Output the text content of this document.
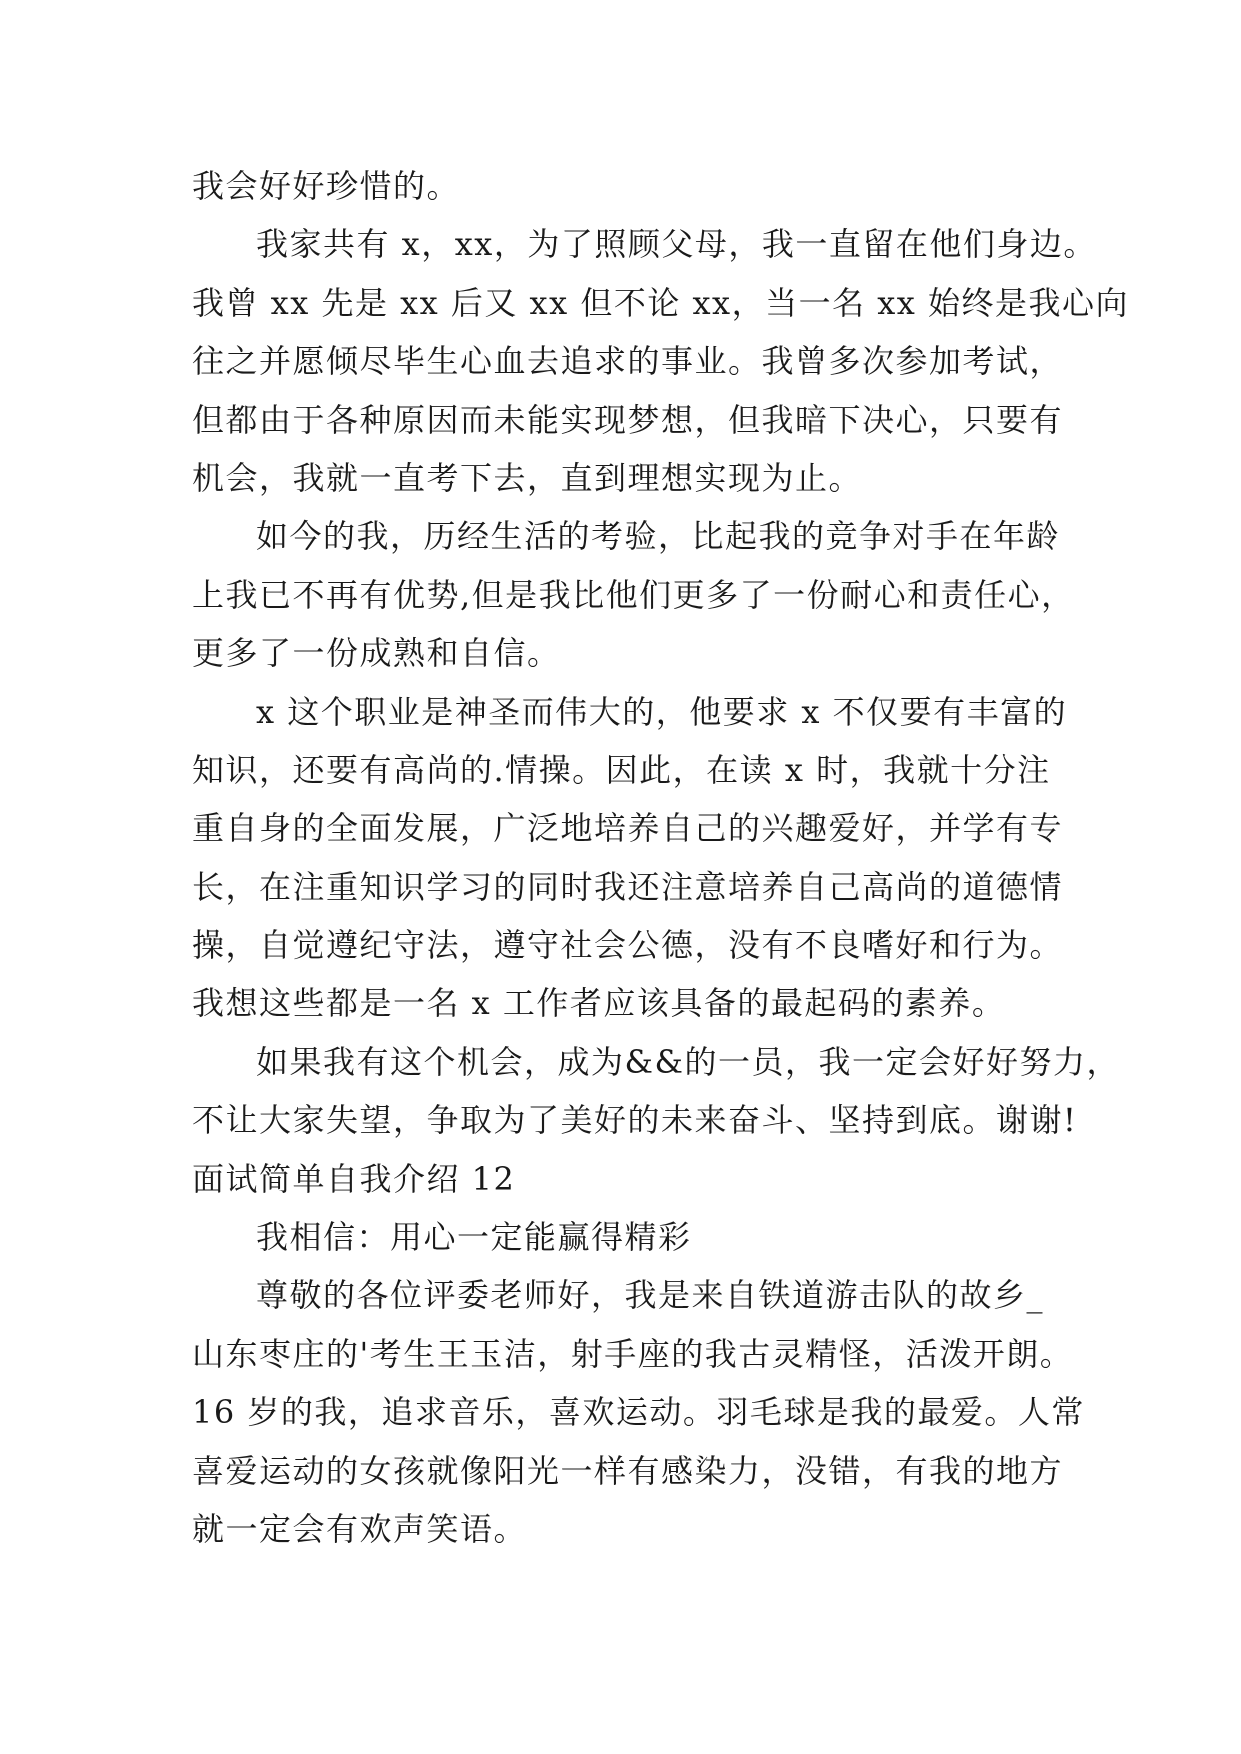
我会好好珍惜的。
我家共有 x，xx，为了照顾父母，我一直留在他们身边。
我曾 xx 先是 xx 后又 xx 但不论 xx，当一名 xx 始终是我心向
往之并愿倾尽毕生心血去追求的事业。我曾多次参加考试，
但都由于各种原因而未能实现梦想，但我暗下决心，只要有
机会，我就一直考下去，直到理想实现为止。
如今的我，历经生活的考验，比起我的竞争对手在年龄
上我已不再有优势,但是我比他们更多了一份耐心和责任心，
更多了一份成熟和自信。
x 这个职业是神圣而伟大的，他要求 x 不仅要有丰富的
知识，还要有高尚的.情操。因此，在读 x 时，我就十分注
重自身的全面发展，广泛地培养自己的兴趣爱好，并学有专
长，在注重知识学习的同时我还注意培养自己高尚的道德情
操，自觉遵纪守法，遵守社会公德，没有不良嗜好和行为。
我想这些都是一名 x 工作者应该具备的最起码的素养。
如果我有这个机会，成为&&的一员，我一定会好好努力，
不让大家失望，争取为了美好的未来奋斗、坚持到底。谢谢!
面试简单自我介绍 12
我相信：用心一定能赢得精彩
尊敬的各位评委老师好，我是来自铁道游击队的故乡_
山东枣庄的'考生王玉洁，射手座的我古灵精怪，活泼开朗。
16 岁的我，追求音乐，喜欢运动。羽毛球是我的最爱。人常
喜爱运动的女孩就像阳光一样有感染力，没错，有我的地方
就一定会有欢声笑语。
